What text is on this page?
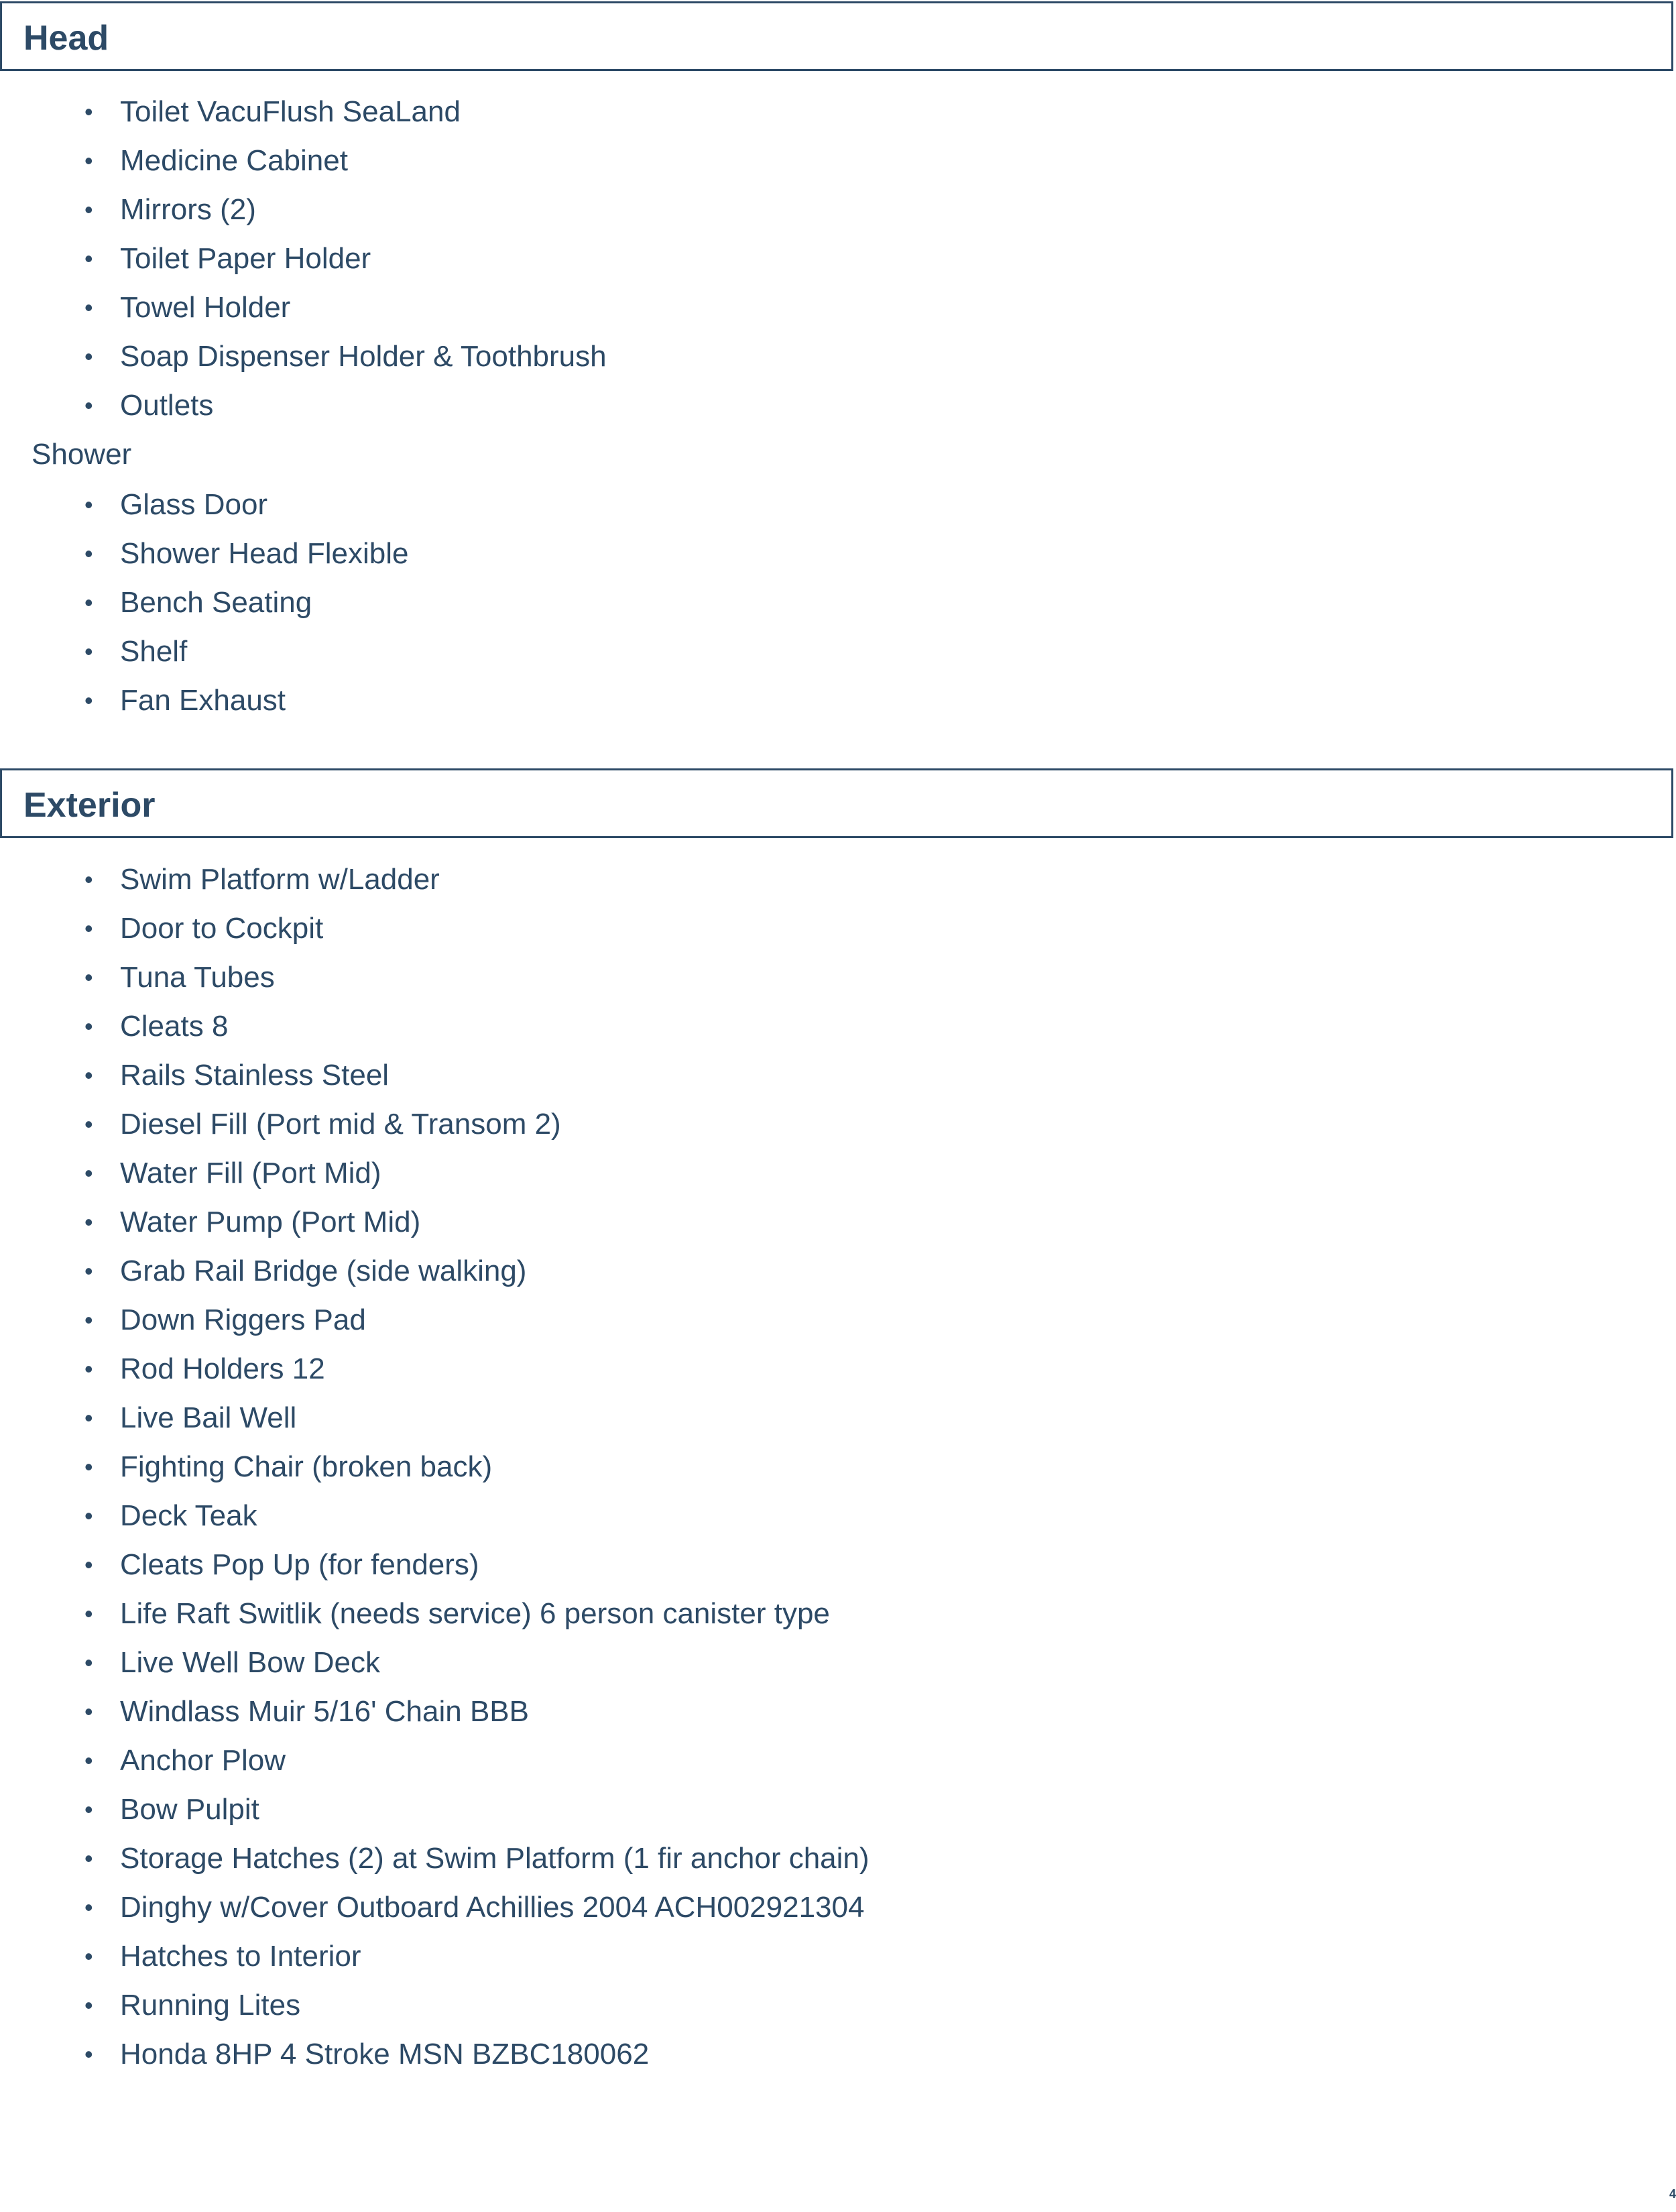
Head
• Toilet VacuFlush SeaLand
• Medicine Cabinet
• Mirrors (2)
• Toilet Paper Holder
• Towel Holder
• Soap Dispenser Holder & Toothbrush
• Outlets
Shower
• Glass Door
• Shower Head Flexible
• Bench Seating
• Shelf
• Fan Exhaust
Exterior
• Swim Platform w/Ladder
• Door to Cockpit
• Tuna Tubes
• Cleats 8
• Rails Stainless Steel
• Diesel Fill (Port mid & Transom 2)
• Water Fill (Port Mid)
• Water Pump (Port Mid)
• Grab Rail Bridge (side walking)
• Down Riggers Pad
• Rod Holders 12
• Live Bail Well
• Fighting Chair (broken back)
• Deck Teak
• Cleats Pop Up (for fenders)
• Life Raft Switlik (needs service) 6 person canister type
• Live Well Bow Deck
• Windlass Muir 5/16' Chain BBB
• Anchor Plow
• Bow Pulpit
• Storage Hatches (2) at Swim Platform (1 fir anchor chain)
• Dinghy w/Cover Outboard Achillies 2004 ACH002921304
• Hatches to Interior
• Running Lites
• Honda 8HP 4 Stroke MSN BZBC180062
4
